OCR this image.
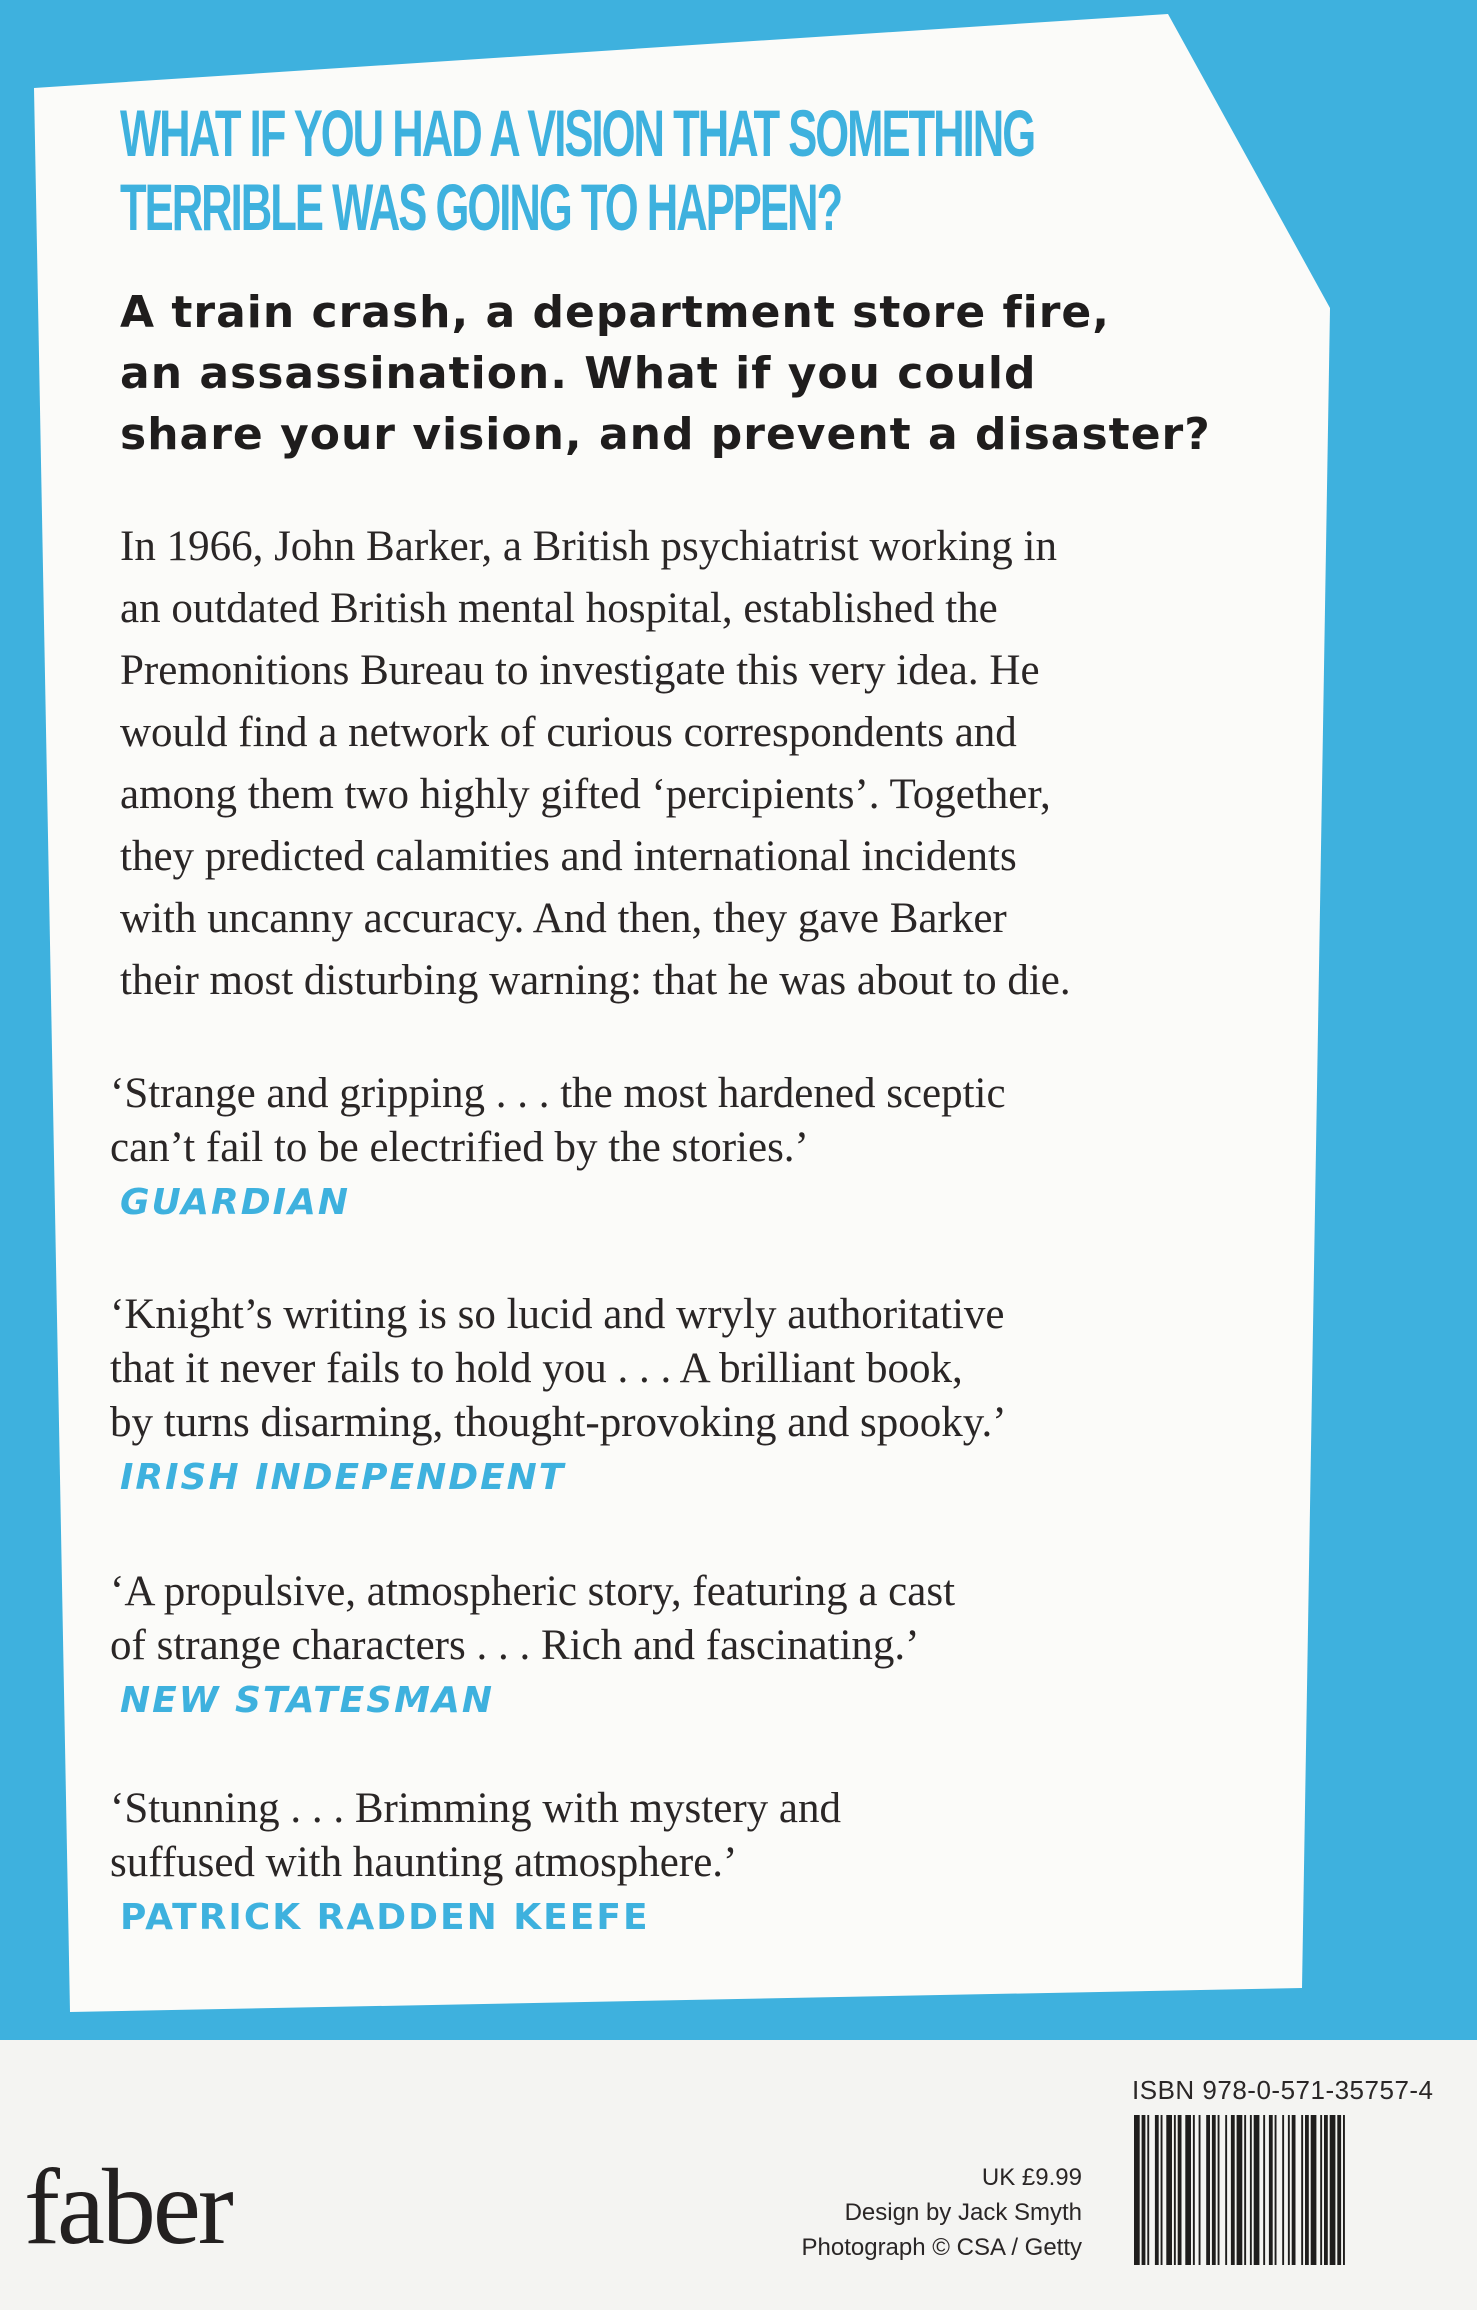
WHAT IF YOU HAD A VISION THAT SOMETHING
TERRIBLE WAS GOING TO HAPPEN?

A train crash, a department store fire,
an assassination. What if you could
share your vision, and prevent a disaster?

In 1966, John Barker, a British psychiatrist working in
an outdated British mental hospital, established the
Premonitions Bureau to investigate this very idea. He
would find a network of curious correspondents and
among them two highly gifted ‘percipients’. Together,
they predicted calamities and international incidents
with uncanny accuracy. And then, they gave Barker
their most disturbing warning: that he was about to die.

‘Strange and gripping . . . the most hardened sceptic
can’t fail to be electrified by the stories.’
GUARDIAN
‘Knight’s writing is so lucid and wryly authoritative
that it never fails to hold you . . . A brilliant book,
by turns disarming, thought-provoking and spooky.’
IRISH INDEPENDENT
‘A propulsive, atmospheric story, featuring a cast
of strange characters . . . Rich and fascinating.’
NEW STATESMAN
‘Stunning . . . Brimming with mystery and
suffused with haunting atmosphere.’
PATRICK RADDEN KEEFE

faber	UK £9.99
Design by Jack Smyth
Photograph © CSA / Getty
ISBN 978-0-571-35757-4
